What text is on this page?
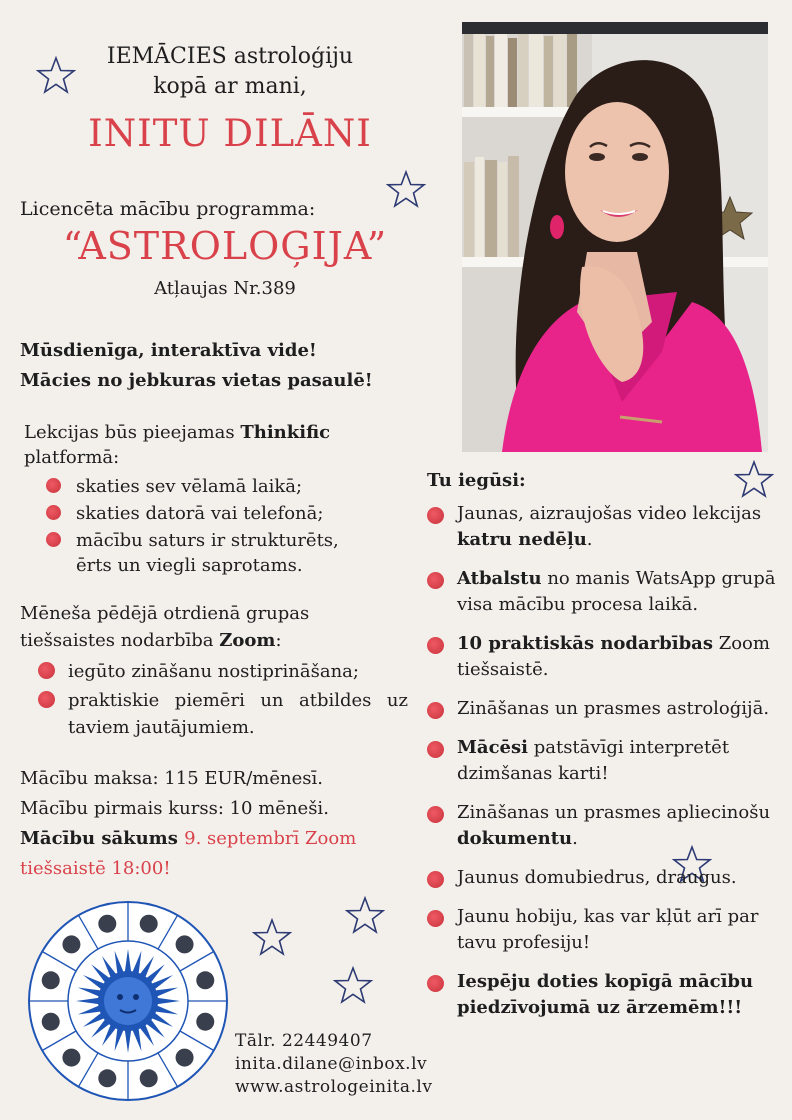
IEMĀCIES astroloģiju
kopā ar mani,
INITU DILĀNI
Licencēta mācību programma:
“ASTROLOĢIJA”
Atļaujas Nr.389
Mūsdienīga, interaktīva vide!
Mācies no jebkuras vietas pasaulē!
Lekcijas būs pieejamas Thinkific
platformā:
skaties sev vēlamā laikā;
skaties datorā vai telefonā;
mācību saturs ir strukturēts, ērts un viegli saprotams.
Mēneša pēdējā otrdienā grupas
tiešsaistes nodarbība Zoom:
iegūto zināšanu nostiprināšana;
praktiskie piemēri un atbildes uz taviem jautājumiem.
Mācību maksa: 115 EUR/mēnesī.
Mācību pirmais kurss: 10 mēneši.
Mācību sākums 9. septembrī Zoom tiešsaistē 18:00!
Tu iegūsi:
Jaunas, aizraujošas video lekcijas katru nedēļu.
Atbalstu no manis WatsApp grupā visa mācību procesa laikā.
10 praktiskās nodarbības Zoom tiešsaistē.
Zināšanas un prasmes astroloģijā.
Mācēsi patstāvīgi interpretēt dzimšanas karti!
Zināšanas un prasmes apliecinošu dokumentu.
Jaunus domubiedrus, draugus.
Jaunu hobiju, kas var kļūt arī par tavu profesiju!
Iespēju doties kopīgā mācību piedzīvojumā uz ārzemēm!!!
Tālr. 22449407
inita.dilane@inbox.lv
www.astrologeinita.lv
